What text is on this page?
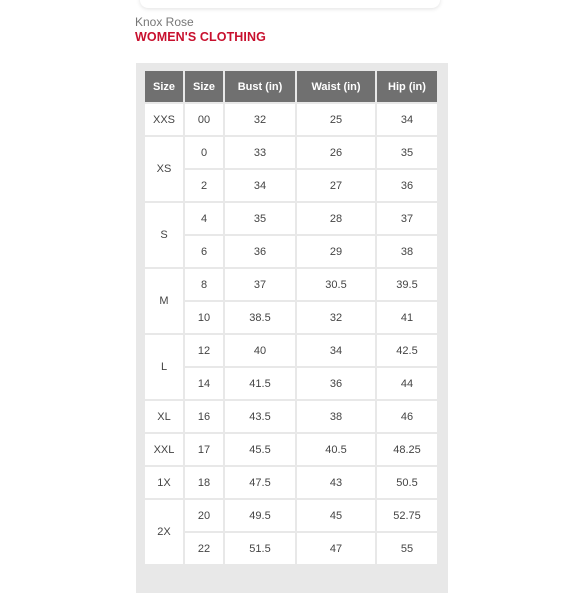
Knox Rose
WOMEN'S CLOTHING
Size	Size	Bust (in)	Waist (in)	Hip (in)
XXS	00	32	25	34
XS	0	33	26	35
	2	34	27	36
S	4	35	28	37
	6	36	29	38
M	8	37	30.5	39.5
	10	38.5	32	41
L	12	40	34	42.5
	14	41.5	36	44
XL	16	43.5	38	46
XXL	17	45.5	40.5	48.25
1X	18	47.5	43	50.5
2X	20	49.5	45	52.75
	22	51.5	47	55
